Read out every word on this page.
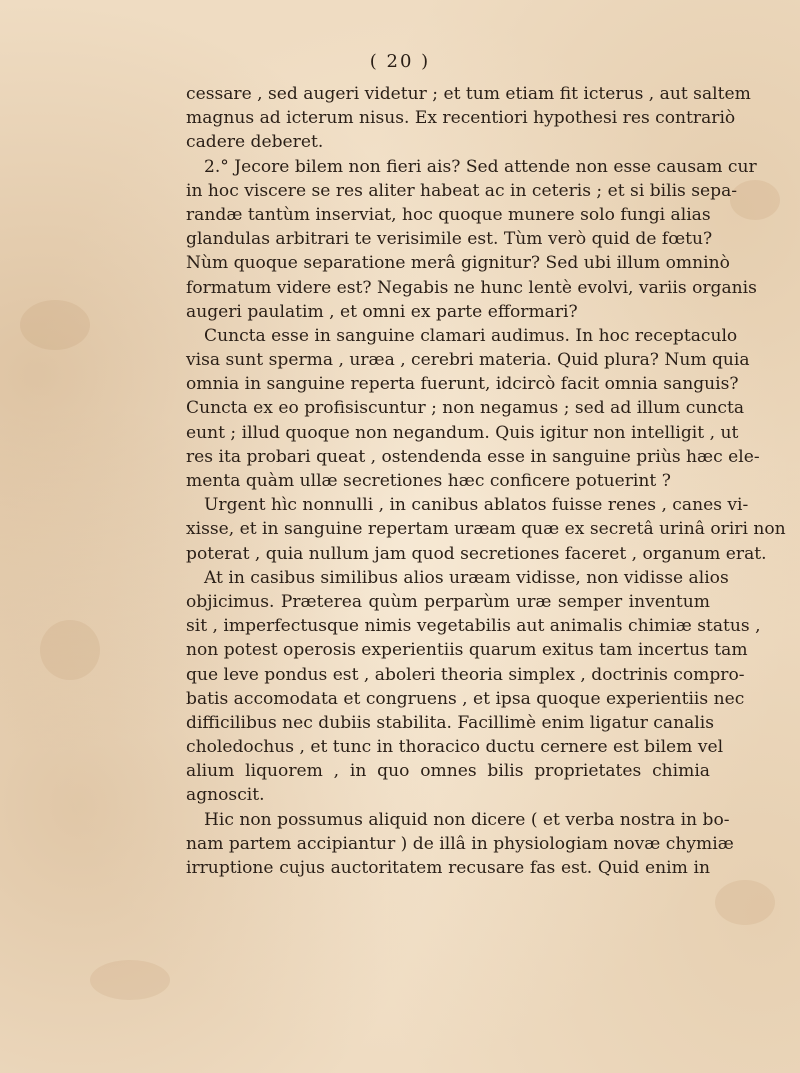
( 20 )
cessare , sed augeri videtur ; et tum etiam fit icterus , aut saltem
magnus ad icterum nisus. Ex recentiori hypothesi res contrariò
cadere deberet.
2.° Jecore bilem non fieri ais? Sed attende non esse causam cur
in hoc viscere se res aliter habeat ac in ceteris ; et si bilis sepa-
randæ tantùm inserviat, hoc quoque munere solo fungi alias
glandulas arbitrari te verisimile est. Tùm verò quid de fœtu?
Nùm quoque separatione merâ gignitur? Sed ubi illum omninò
formatum videre est? Negabis ne hunc lentè evolvi, variis organis
augeri paulatim , et omni ex parte efformari?
Cuncta esse in sanguine clamari audimus. In hoc receptaculo
visa sunt sperma , uræa , cerebri materia. Quid plura? Num quia
omnia in sanguine reperta fuerunt, idcircò facit omnia sanguis?
Cuncta ex eo profisiscuntur ; non negamus ; sed ad illum cuncta
eunt ; illud quoque non negandum. Quis igitur non intelligit , ut
res ita probari queat , ostendenda esse in sanguine priùs hæc ele-
menta quàm ullæ secretiones hæc conficere potuerint ?
Urgent hìc nonnulli , in canibus ablatos fuisse renes , canes vi-
xisse, et in sanguine repertam uræam quæ ex secretâ urinâ oriri non
poterat , quia nullum jam quod secretiones faceret , organum erat.
At in casibus similibus alios uræam vidisse, non vidisse alios
objicimus. Præterea quùm perparùm uræ semper inventum
sit , imperfectusque nimis vegetabilis aut animalis chimiæ status ,
non potest operosis experientiis quarum exitus tam incertus tam
que leve pondus est , aboleri theoria simplex , doctrinis compro-
batis accomodata et congruens , et ipsa quoque experientiis nec
difficilibus nec dubiis stabilita. Facillimè enim ligatur canalis
choledochus , et tunc in thoracico ductu cernere est bilem vel
alium liquorem , in quo omnes bilis proprietates chimia
agnoscit.
Hic non possumus aliquid non dicere ( et verba nostra in bo-
nam partem accipiantur ) de illâ in physiologiam novæ chymiæ
irruptione cujus auctoritatem recusare fas est. Quid enim in
